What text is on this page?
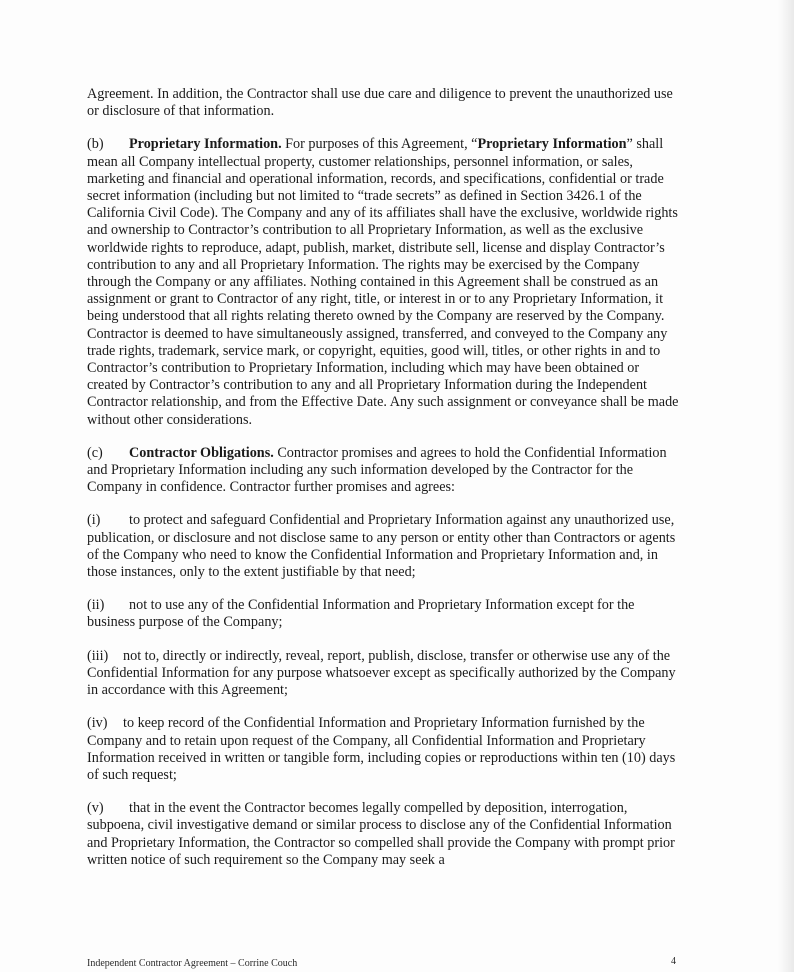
Agreement. In addition, the Contractor shall use due care and diligence to prevent the unauthorized use or disclosure of that information.

(b) Proprietary Information. For purposes of this Agreement, “Proprietary Information” shall mean all Company intellectual property, customer relationships, personnel information, or sales, marketing and financial and operational information, records, and specifications, confidential or trade secret information (including but not limited to “trade secrets” as defined in Section 3426.1 of the California Civil Code). The Company and any of its affiliates shall have the exclusive, worldwide rights and ownership to Contractor’s contribution to all Proprietary Information, as well as the exclusive worldwide rights to reproduce, adapt, publish, market, distribute sell, license and display Contractor’s contribution to any and all Proprietary Information. The rights may be exercised by the Company through the Company or any affiliates. Nothing contained in this Agreement shall be construed as an assignment or grant to Contractor of any right, title, or interest in or to any Proprietary Information, it being understood that all rights relating thereto owned by the Company are reserved by the Company. Contractor is deemed to have simultaneously assigned, transferred, and conveyed to the Company any trade rights, trademark, service mark, or copyright, equities, good will, titles, or other rights in and to Contractor’s contribution to Proprietary Information, including which may have been obtained or created by Contractor’s contribution to any and all Proprietary Information during the Independent Contractor relationship, and from the Effective Date. Any such assignment or conveyance shall be made without other considerations.

(c) Contractor Obligations. Contractor promises and agrees to hold the Confidential Information and Proprietary Information including any such information developed by the Contractor for the Company in confidence. Contractor further promises and agrees:

(i) to protect and safeguard Confidential and Proprietary Information against any unauthorized use, publication, or disclosure and not disclose same to any person or entity other than Contractors or agents of the Company who need to know the Confidential Information and Proprietary Information and, in those instances, only to the extent justifiable by that need;

(ii) not to use any of the Confidential Information and Proprietary Information except for the business purpose of the Company;

(iii) not to, directly or indirectly, reveal, report, publish, disclose, transfer or otherwise use any of the Confidential Information for any purpose whatsoever except as specifically authorized by the Company in accordance with this Agreement;

(iv) to keep record of the Confidential Information and Proprietary Information furnished by the Company and to retain upon request of the Company, all Confidential Information and Proprietary Information received in written or tangible form, including copies or reproductions within ten (10) days of such request;

(v) that in the event the Contractor becomes legally compelled by deposition, interrogation, subpoena, civil investigative demand or similar process to disclose any of the Confidential Information and Proprietary Information, the Contractor so compelled shall provide the Company with prompt prior written notice of such requirement so the Company may seek a

Independent Contractor Agreement – Corrine Couch	4
